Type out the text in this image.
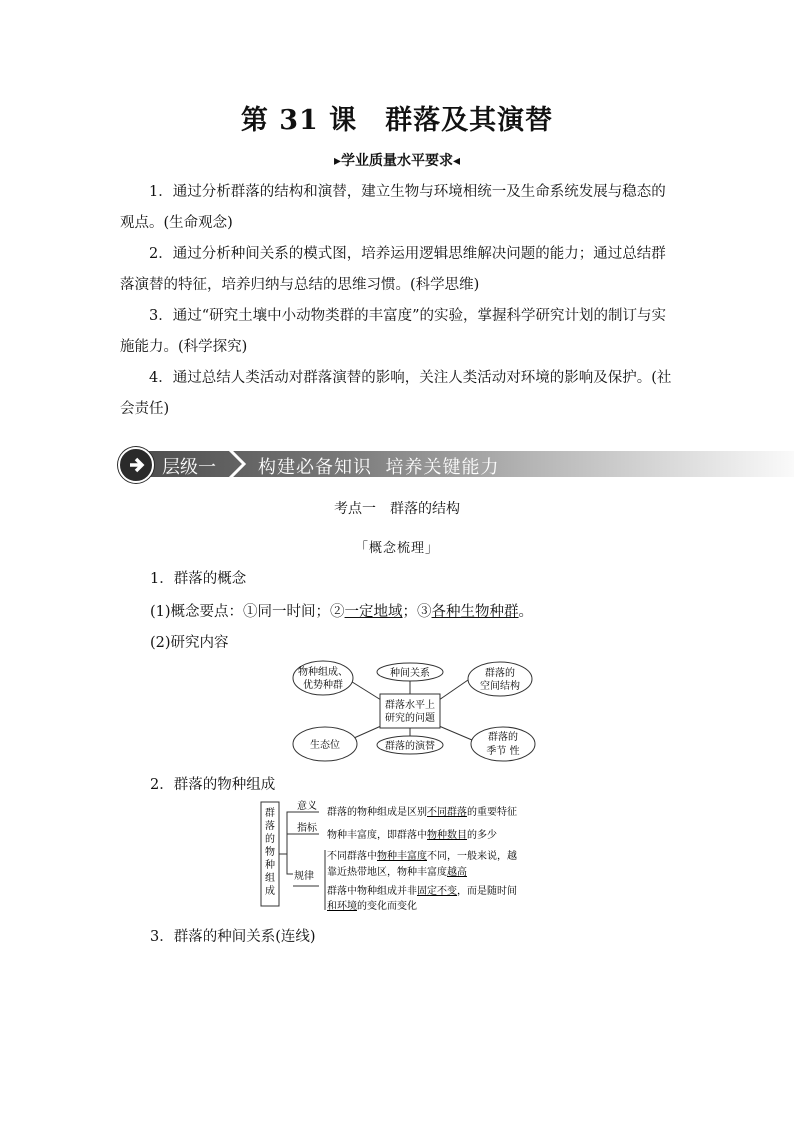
第 31 课　群落及其演替
▸学业质量水平要求◂

1．通过分析群落的结构和演替，建立生物与环境相统一及生命系统发展与稳态的观点。(生命观念)

2．通过分析种间关系的模式图，培养运用逻辑思维解决问题的能力；通过总结群落演替的特征，培养归纳与总结的思维习惯。(科学思维)

3．通过“研究土壤中小动物类群的丰富度”的实验，掌握科学研究计划的制订与实施能力。(科学探究)

4．通过总结人类活动对群落演替的影响，关注人类活动对环境的影响及保护。(社会责任)

层级一 构建必备知识  培养关键能力
考点一　群落的结构
「概念梳理」
1．群落的概念
(1)概念要点：①同一时间；②一定地域；③各种生物种群。
(2)研究内容
群落水平上
研究的问题
物种组成、
优势种群
种间关系	群落的
空间结构
生态位	群落的演替
群落的
季节 性
2．群落的物种组成
群
落
的
物
种
组
成
意义
指标
规律
群落的物种组成是区别不同群落的重要特征
物种丰富度，即群落中物种数目的多少
不同群落中物种丰富度不同，一般来说，越
靠近热带地区，物种丰富度越高
群落中物种组成并非固定不变，而是随时间
和环境的变化而变化
3．群落的种间关系(连线)
